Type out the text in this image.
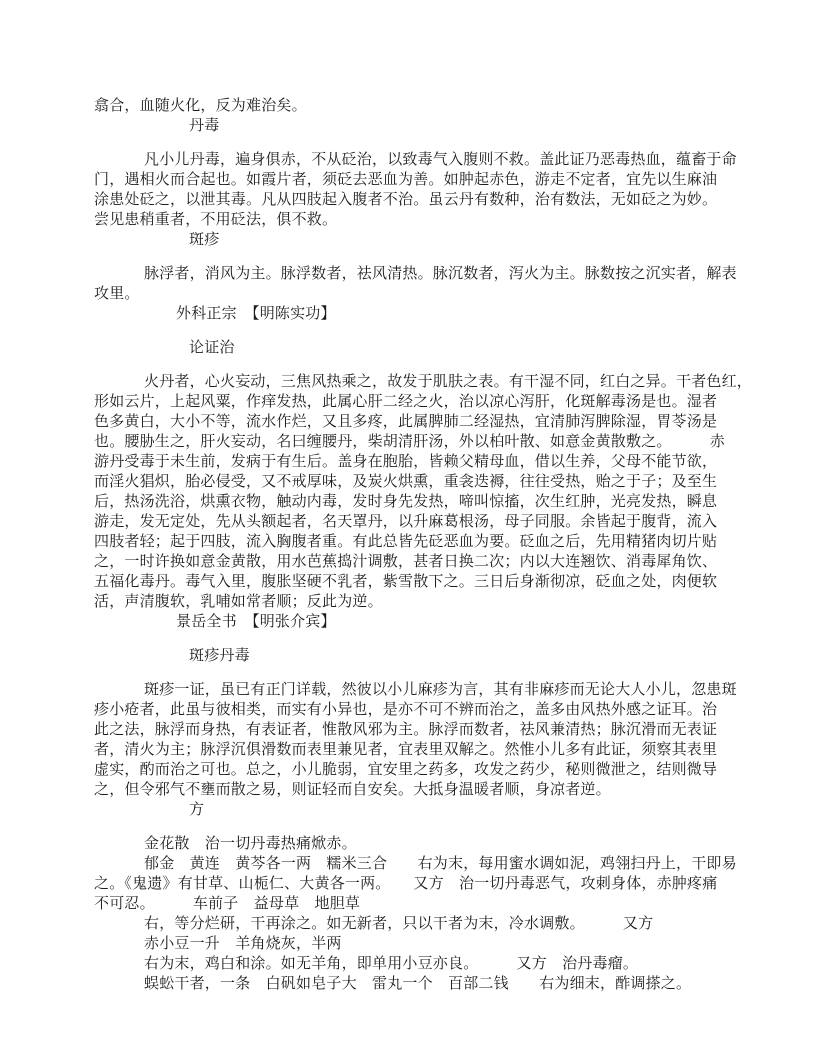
翕合，血随火化，反为难治矣。
丹毒
凡小儿丹毒，遍身俱赤，不从砭治，以致毒气入腹则不救。盖此证乃恶毒热血，蕴畜于命
门，遇相火而合起也。如霞片者，须砭去恶血为善。如肿起赤色，游走不定者，宜先以生麻油
涂患处砭之，以泄其毒。凡从四肢起入腹者不治。虽云丹有数种，治有数法，无如砭之为妙。
尝见患稍重者，不用砭法，俱不救。
斑疹
脉浮者，消风为主。脉浮数者，祛风清热。脉沉数者，泻火为主。脉数按之沉实者，解表
攻里。
外科正宗　【明陈实功】
论证治
火丹者，心火妄动，三焦风热乘之，故发于肌肤之表。有干湿不同，红白之异。干者色红，
形如云片，上起风粟，作痒发热，此属心肝二经之火，治以凉心泻肝，化斑解毒汤是也。湿者
色多黄白，大小不等，流水作烂，又且多疼，此属脾肺二经湿热，宜清肺泻脾除湿，胃苓汤是
也。腰胁生之，肝火妄动，名曰缠腰丹，柴胡清肝汤，外以柏叶散、如意金黄散敷之。　　　赤
游丹受毒于未生前，发病于有生后。盖身在胞胎，皆赖父精母血，借以生养，父母不能节欲，
而淫火猖炽，胎必侵受，又不戒厚味，及炭火烘熏，重衾迭褥，往往受热，贻之于子；及至生
后，热汤洗浴，烘熏衣物，触动内毒，发时身先发热，啼叫惊搐，次生红肿，光亮发热，瞬息
游走，发无定处，先从头额起者，名天罩丹，以升麻葛根汤，母子同服。余皆起于腹背，流入
四肢者轻；起于四肢，流入胸腹者重。有此总皆先砭恶血为要。砭血之后，先用精猪肉切片贴
之，一时许换如意金黄散，用水芭蕉捣汁调敷，甚者日换二次；内以大连翘饮、消毒犀角饮、
五福化毒丹。毒气入里，腹胀坚硬不乳者，紫雪散下之。三日后身渐彻凉，砭血之处，肉便软
活，声清腹软，乳哺如常者顺；反此为逆。
景岳全书　【明张介宾】
斑疹丹毒
斑疹一证，虽已有正门详载，然彼以小儿麻疹为言，其有非麻疹而无论大人小儿，忽患斑
疹小疮者，此虽与彼相类，而实有小异也，是亦不可不辨而治之，盖多由风热外感之证耳。治
此之法，脉浮而身热，有表证者，惟散风邪为主。脉浮而数者，祛风兼清热；脉沉滑而无表证
者，清火为主；脉浮沉俱滑数而表里兼见者，宜表里双解之。然惟小儿多有此证，须察其表里
虚实，酌而治之可也。总之，小儿脆弱，宜安里之药多，攻发之药少，秘则微泄之，结则微导
之，但令邪气不壅而散之易，则证轻而自安矣。大抵身温暖者顺，身凉者逆。
方
金花散　治一切丹毒热痛焮赤。
郁金　黄连　黄芩各一两　糯米三合　　右为末，每用蜜水调如泥，鸡翎扫丹上，干即易
之。《鬼遗》有甘草、山栀仁、大黄各一两。　　又方　治一切丹毒恶气，攻刺身体，赤肿疼痛
不可忍。　　　车前子　益母草　地胆草
右，等分烂研，干再涂之。如无新者，只以干者为末，冷水调敷。　　　又方
赤小豆一升　羊角烧灰，半两
右为末，鸡白和涂。如无羊角，即单用小豆亦良。　　　又方　治丹毒瘤。
蜈蚣干者，一条　白矾如皂子大　雷丸一个　百部二钱　　右为细末，酢调搽之。
